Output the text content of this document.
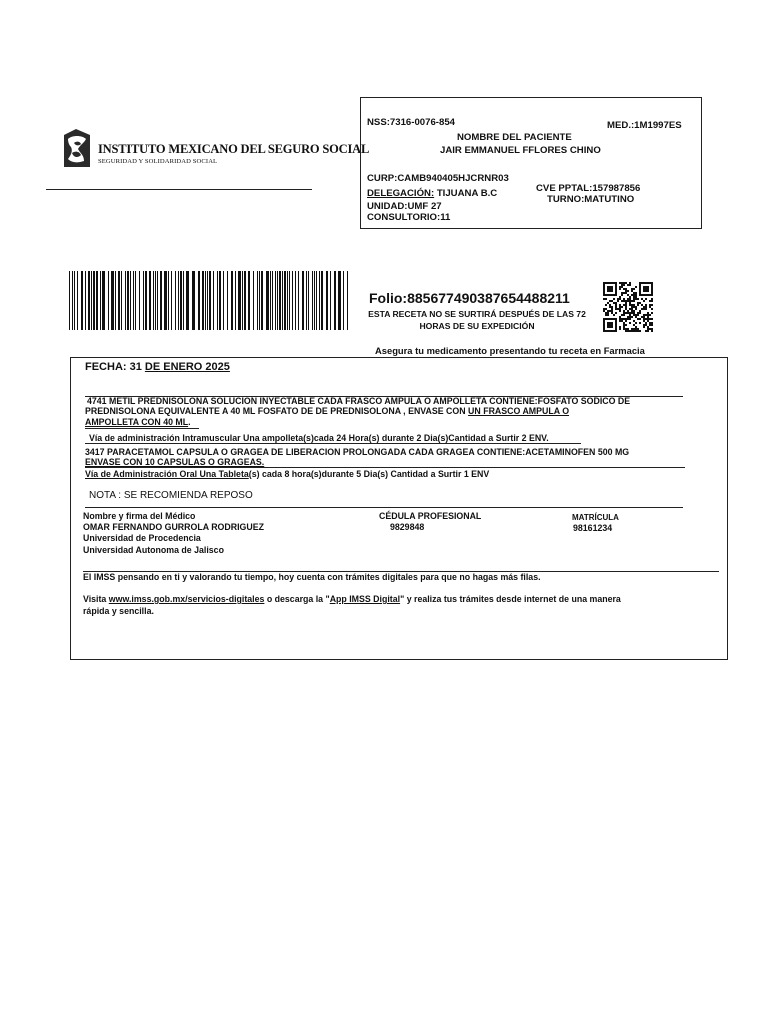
INSTITUTO MEXICANO DEL SEGURO SOCIAL
SEGURIDAD Y SOLIDARIDAD SOCIAL
NSS:7316-0076-854	MED.:1M1997ES
NOMBRE DEL PACIENTE
JAIR EMMANUEL FFLORES CHINO
CURP:CAMB940405HJCRNR03
DELEGACIÓN: TIJUANA B.C	CVE PPTAL:157987856
TURNO:MATUTINO
UNIDAD:UMF 27
CONSULTORIO:11
Folio:885677490387654488211
ESTA RECETA NO SE SURTIRÁ DESPUÉS DE LAS 72
HORAS DE SU EXPEDICIÓN
Asegura tu medicamento presentando tu receta en Farmacia
FECHA: 31 DE ENERO 2025
4741 METIL PREDNISOLONA SOLUCION INYECTABLE CADA FRASCO AMPULA O AMPOLLETA CONTIENE:FOSFATO SODICO DE
PREDNISOLONA EQUIVALENTE A 40 ML FOSFATO DE DE PREDNISOLONA , ENVASE CON UN FRASCO AMPULA O
AMPOLLETA CON 40 ML.
Vía de administración Intramuscular Una ampolleta(s)cada 24 Hora(s) durante 2 Dia(s)Cantidad a Surtir 2 ENV.
3417 PARACETAMOL CAPSULA O GRAGEA DE LIBERACION PROLONGADA CADA GRAGEA CONTIENE:ACETAMINOFEN 500 MG
ENVASE CON 10 CAPSULAS O GRAGEAS.
Vía de Administración Oral Una Tableta(s) cada 8 hora(s)durante 5 Dia(s) Cantidad a Surtir 1 ENV
NOTA : SE RECOMIENDA REPOSO
Nombre y firma del Médico
OMAR FERNANDO GURROLA RODRIGUEZ
Universidad de Procedencia
Universidad Autonoma de Jalisco
CÉDULA PROFESIONAL
9829848
MATRÍCULA
98161234
El IMSS pensando en ti y valorando tu tiempo, hoy cuenta con trámites digitales para que no hagas más filas.
Visita www.imss.gob.mx/servicios-digitales o descarga la "App IMSS Digital" y realiza tus trámites desde internet de una manera
rápida y sencilla.
